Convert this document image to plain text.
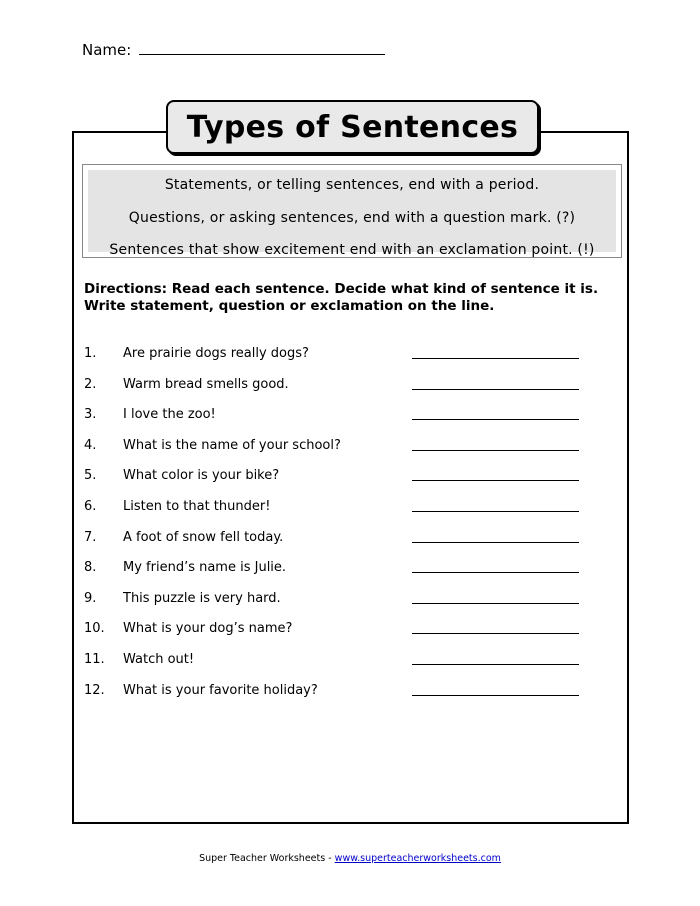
Name:
Types of Sentences
Statements, or telling sentences, end with a period.
Questions, or asking sentences, end with a question mark. (?)
Sentences that show excitement end with an exclamation point. (!)
Directions: Read each sentence. Decide what kind of sentence it is. Write statement, question or exclamation on the line.
1. Are prairie dogs really dogs?
2. Warm bread smells good.
3. I love the zoo!
4. What is the name of your school?
5. What color is your bike?
6. Listen to that thunder!
7. A foot of snow fell today.
8. My friend’s name is Julie.
9. This puzzle is very hard.
10. What is your dog’s name?
11. Watch out!
12. What is your favorite holiday?
Super Teacher Worksheets - www.superteacherworksheets.com
